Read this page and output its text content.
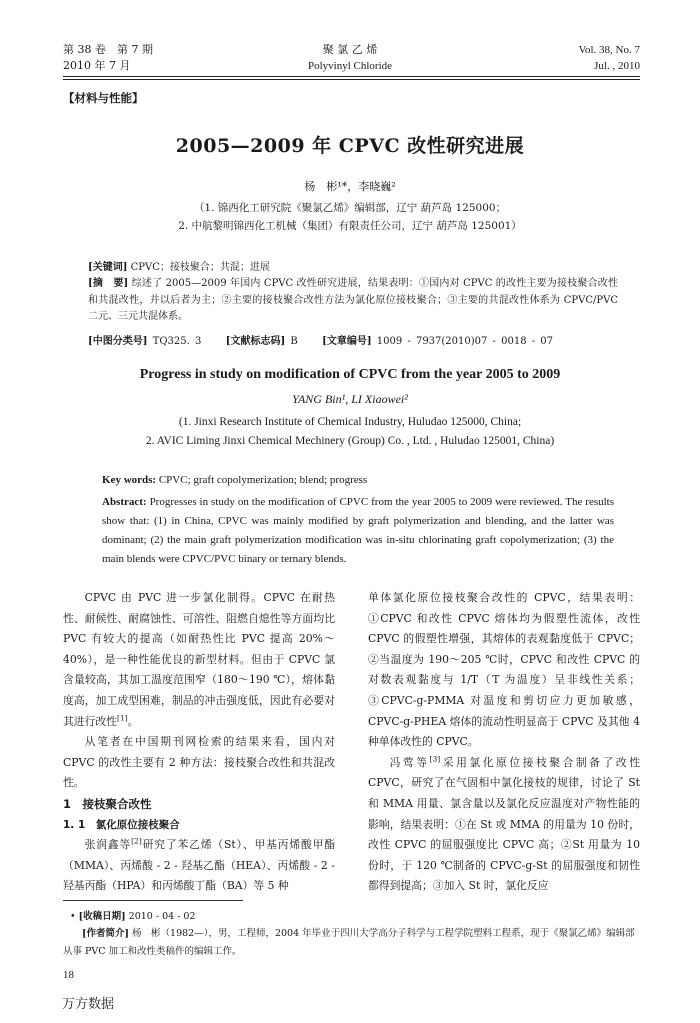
第 38 卷　第 7 期
2010 年 7 月
聚 氯 乙 烯
Polyvinyl Chloride
Vol. 38, No. 7
Jul. , 2010
【材料与性能】
2005—2009 年 CPVC 改性研究进展
杨　彬¹*，李晓巍²
（1. 锦西化工研究院《聚氯乙烯》编辑部，辽宁 葫芦岛 125000；
2. 中航黎明锦西化工机械（集团）有限责任公司，辽宁 葫芦岛 125001）
[关键词] CPVC；接枝聚合；共混；进展
[摘　要] 综述了 2005—2009 年国内 CPVC 改性研究进展，结果表明：①国内对 CPVC 的改性主要为接枝聚合改性和共混改性，并以后者为主；②主要的接枝聚合改性方法为氯化原位接枝聚合；③主要的共混改性体系为 CPVC/PVC 二元、三元共混体系。
[中图分类号] TQ325. 3 [文献标志码] B [文章编号] 1009 - 7937(2010)07 - 0018 - 07
Progress in study on modification of CPVC from the year 2005 to 2009
YANG Bin¹, LI Xiaowei²
(1. Jinxi Research Institute of Chemical Industry, Huludao 125000, China;
2. AVIC Liming Jinxi Chemical Mechinery (Group) Co. , Ltd. , Huludao 125001, China)
Key words: CPVC; graft copolymerization; blend; progress
Abstract: Progresses in study on the modification of CPVC from the year 2005 to 2009 were reviewed. The results show that: (1) in China, CPVC was mainly modified by graft polymerization and blending, and the latter was dominant; (2) the main graft polymerization modification was in-situ chlorinating graft copolymerization; (3) the main blends were CPVC/PVC binary or ternary blends.

CPVC 由 PVC 进一步氯化制得。CPVC 在耐热性、耐候性、耐腐蚀性、可溶性、阻燃自熄性等方面均比 PVC 有较大的提高（如耐热性比 PVC 提高 20%～40%），是一种性能优良的新型材料。但由于 CPVC 氯含量较高，其加工温度范围窄（180～190 ℃），熔体黏度高，加工成型困难，制品的冲击强度低，因此有必要对其进行改性[1]。

从笔者在中国期刊网检索的结果来看，国内对 CPVC 的改性主要有 2 种方法：接枝聚合改性和共混改性。

1　接枝聚合改性

1. 1　氯化原位接枝聚合

张润鑫等[2]研究了苯乙烯（St）、甲基丙烯酸甲酯（MMA）、丙烯酸 - 2 - 羟基乙酯（HEA）、丙烯酸 - 2 - 羟基丙酯（HPA）和丙烯酸丁酯（BA）等 5 种

单体氯化原位接枝聚合改性的 CPVC，结果表明：①CPVC 和改性 CPVC 熔体均为假塑性流体，改性 CPVC 的假塑性增强，其熔体的表观黏度低于 CPVC；②当温度为 190～205 ℃时，CPVC 和改性 CPVC 的对数表观黏度与 1/T（T 为温度）呈非线性关系；③CPVC-g-PMMA 对温度和剪切应力更加敏感，CPVC-g-PHEA 熔体的流动性明显高于 CPVC 及其他 4 种单体改性的 CPVC。

冯莺等[3]采用氯化原位接枝聚合制备了改性 CPVC，研究了在气固相中氯化接枝的规律，讨论了 St 和 MMA 用量、氯含量以及氯化反应温度对产物性能的影响，结果表明：①在 St 或 MMA 的用量为 10 份时，改性 CPVC 的屈服强度比 CPVC 高；②St 用量为 10 份时，于 120 ℃制备的 CPVC-g-St 的屈服强度和韧性都得到提高；③加入 St 时，氯化反应

• [收稿日期] 2010 - 04 - 02
[作者简介] 杨　彬（1982—），男，工程师，2004 年毕业于四川大学高分子科学与工程学院塑料工程系，现于《聚氯乙烯》编辑部从事 PVC 加工和改性类稿件的编辑工作。
18
万方数据
